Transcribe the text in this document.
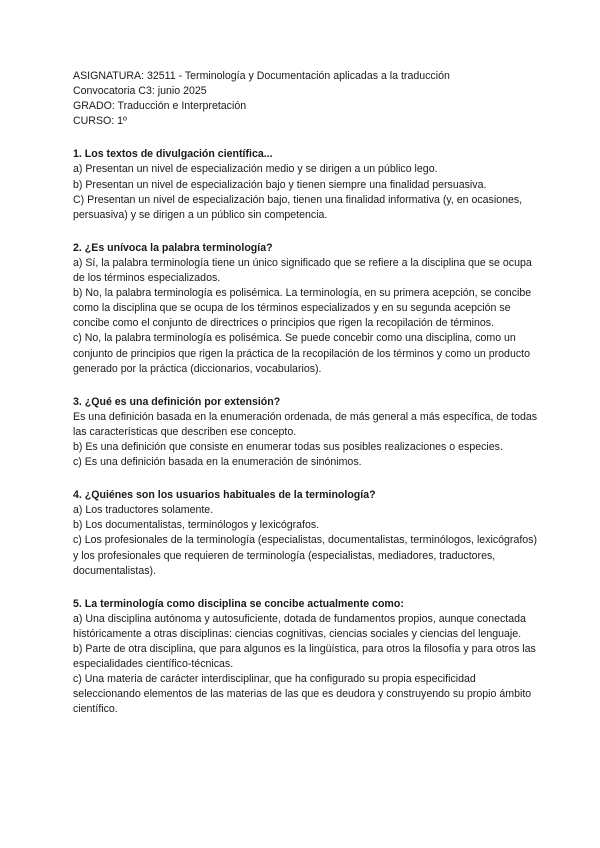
ASIGNATURA: 32511 - Terminología y Documentación aplicadas a la traducción

Convocatoria C3: junio 2025

GRADO: Traducción e Interpretación

CURSO: 1º

1. Los textos de divulgación científica...

a) Presentan un nivel de especialización medio y se dirigen a un público lego.

b) Presentan un nivel de especialización bajo y tienen siempre una finalidad persuasiva.

C) Presentan un nivel de especialización bajo, tienen una finalidad informativa (y, en ocasiones, persuasiva) y se dirigen a un público sin competencia.

2. ¿Es unívoca la palabra terminología?

a) Sí, la palabra terminología tiene un único significado que se refiere a la disciplina que se ocupa de los términos especializados.

b) No, la palabra terminología es polisémica. La terminología, en su primera acepción, se concibe como la disciplina que se ocupa de los términos especializados y en su segunda acepción se concibe como el conjunto de directrices o principios que rigen la recopilación de términos.

c) No, la palabra terminología es polisémica. Se puede concebir como una disciplina, como un conjunto de principios que rigen la práctica de la recopilación de los términos y como un producto generado por la práctica (diccionarios, vocabularios).

3. ¿Qué es una definición por extensión?

Es una definición basada en la enumeración ordenada, de más general a más específica, de todas las características que describen ese concepto.

b) Es una definición que consiste en enumerar todas sus posibles realizaciones o especies.

c) Es una definición basada en la enumeración de sinónimos.

4. ¿Quiénes son los usuarios habituales de la terminología?

a) Los traductores solamente.

b) Los documentalistas, terminólogos y lexicógrafos.

c) Los profesionales de la terminología (especialistas, documentalistas, terminólogos, lexicógrafos) y los profesionales que requieren de terminología (especialistas, mediadores, traductores, documentalistas).

5. La terminología como disciplina se concibe actualmente como:

a) Una disciplina autónoma y autosuficiente, dotada de fundamentos propios, aunque conectada históricamente a otras disciplinas: ciencias cognitivas, ciencias sociales y ciencias del lenguaje.

b) Parte de otra disciplina, que para algunos es la lingüística, para otros la filosofía y para otros las especialidades científico-técnicas.

c) Una materia de carácter interdisciplinar, que ha configurado su propia especificidad seleccionando elementos de las materias de las que es deudora y construyendo su propio ámbito científico.
